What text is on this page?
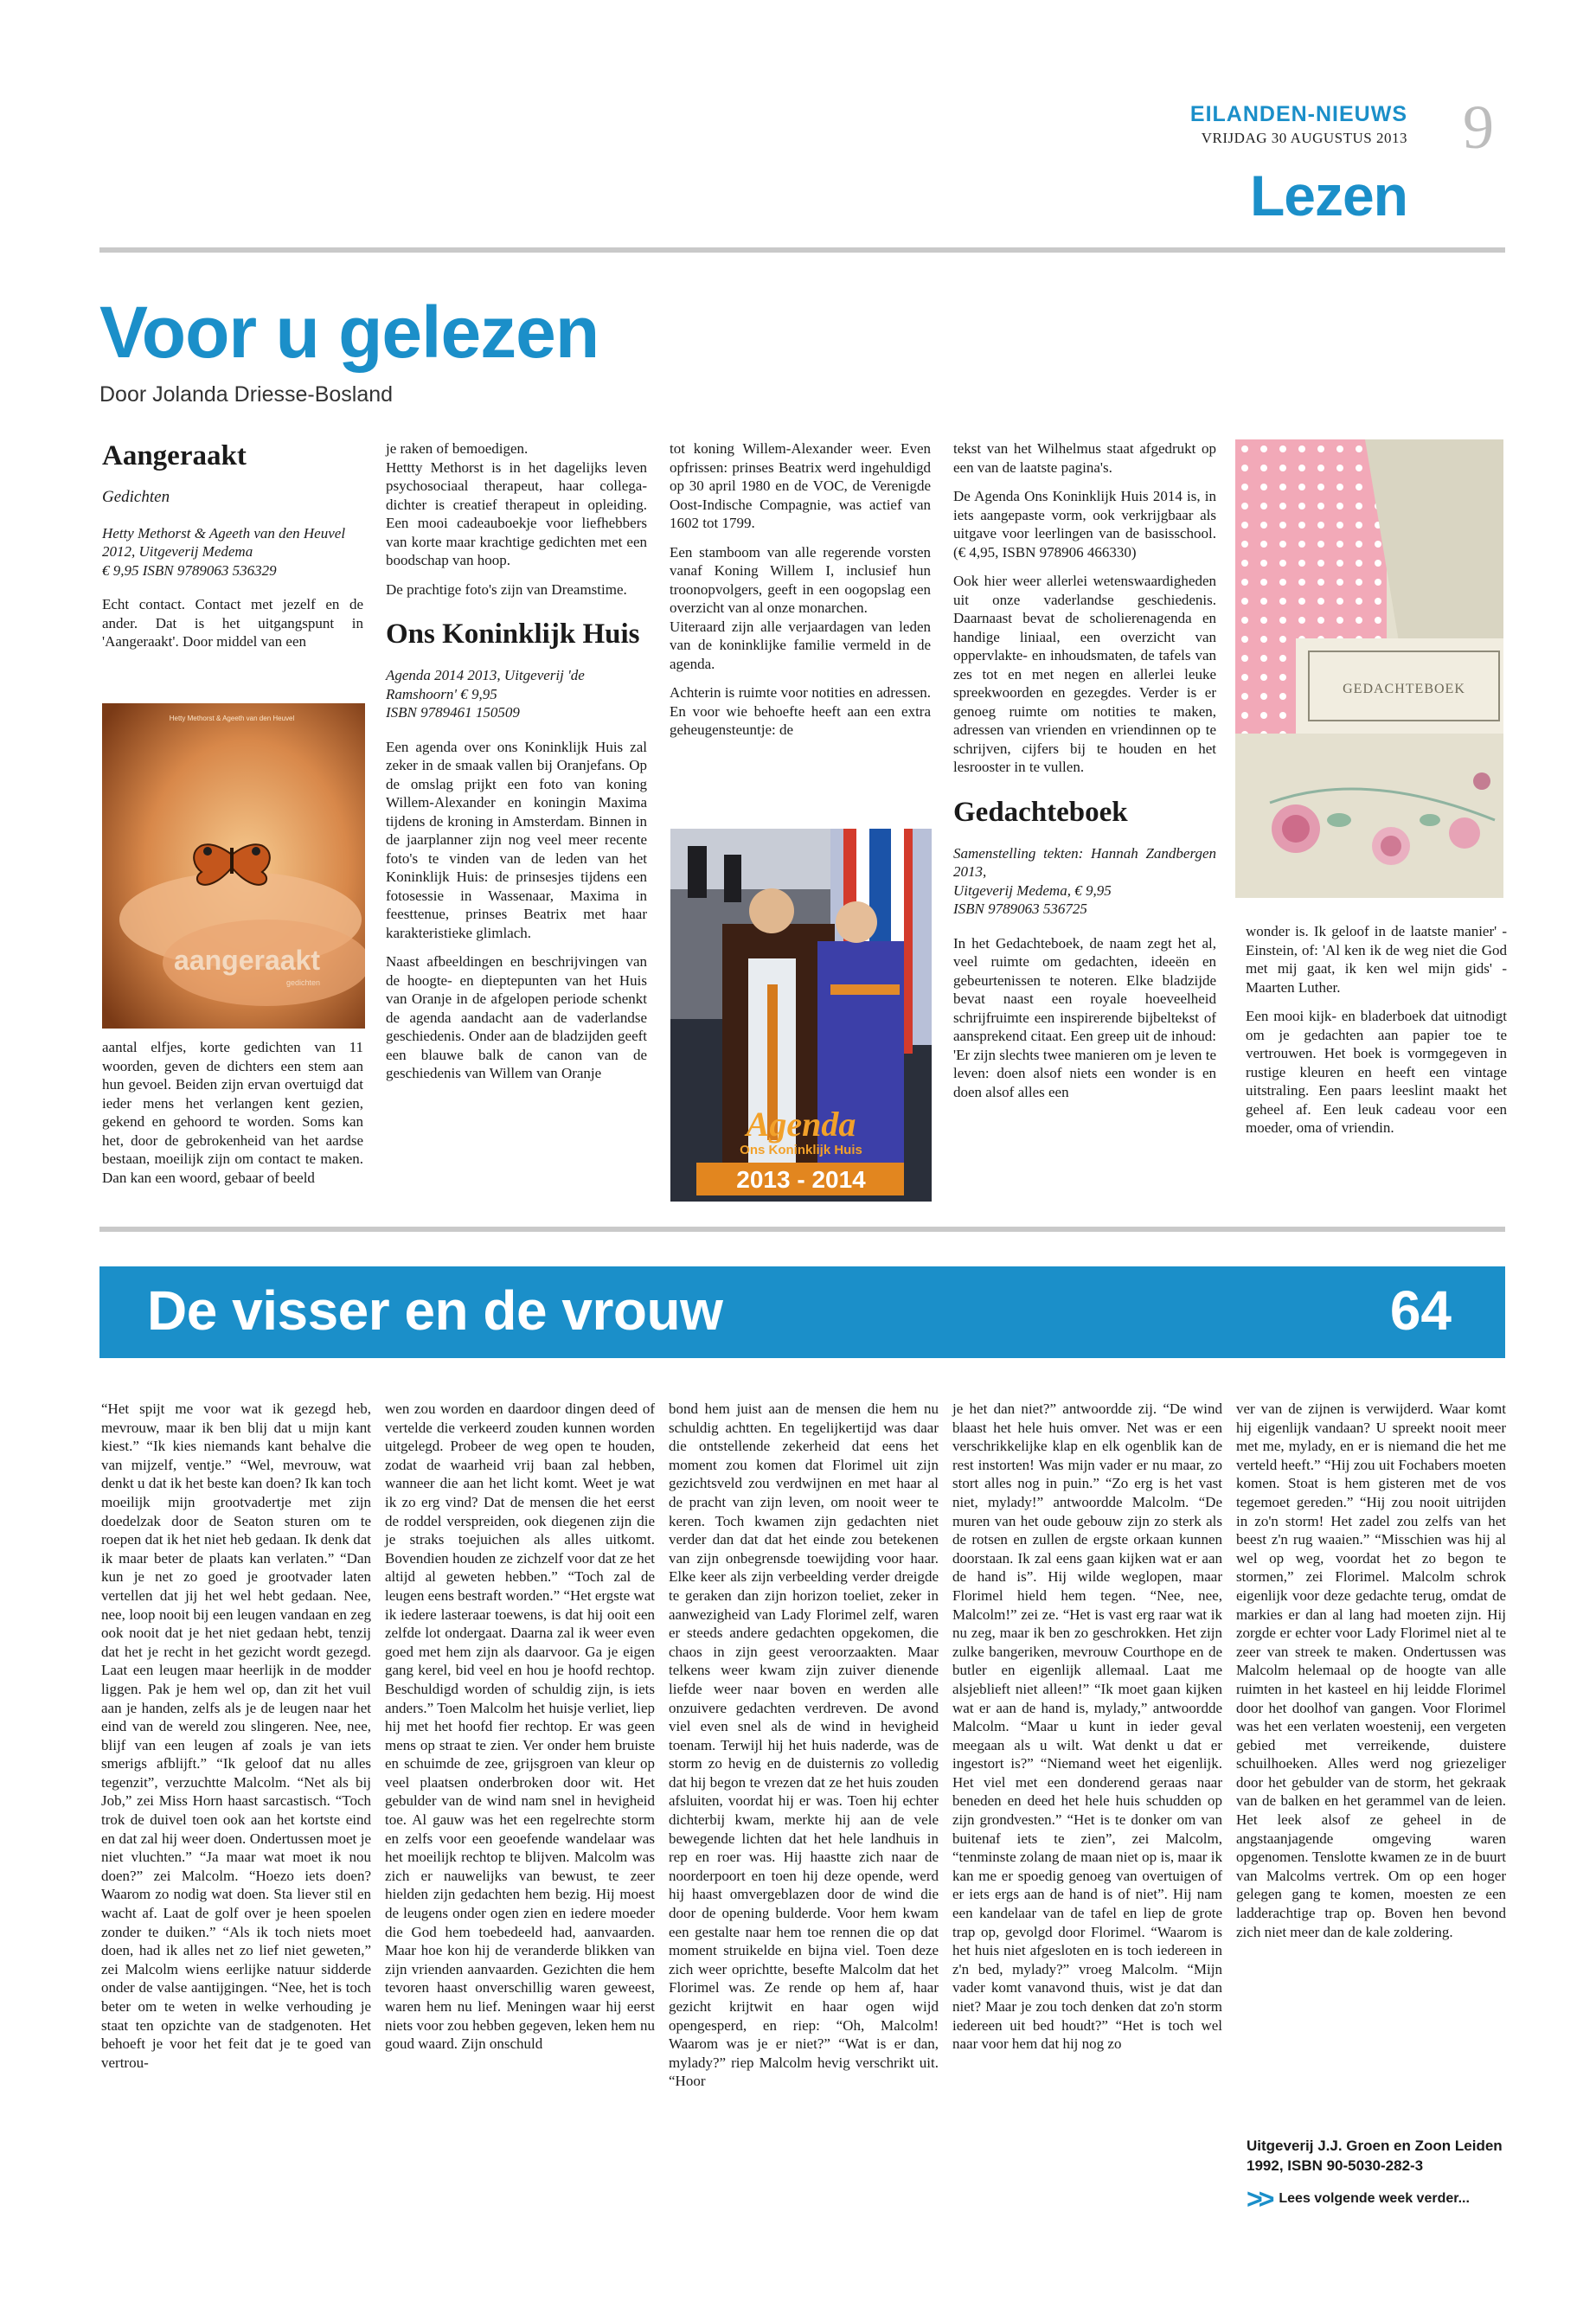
EILANDEN-NIEUWS
VRIJDAG 30 AUGUSTUS 2013 9
Lezen
Voor u gelezen
Door Jolanda Driesse-Bosland
Aangeraakt

Gedichten

Hetty Methorst & Ageeth van den Heuvel
2012, Uitgeverij Medema
€ 9,95 ISBN 9789063 536329

Echt contact. Contact met jezelf en de ander. Dat is het uitgangspunt in 'Aangeraakt'. Door middel van een

Hetty Methorst & Ageeth van den Heuvel
aangeraakt
gedichten

aantal elfjes, korte gedichten van 11 woorden, geven de dichters een stem aan hun gevoel. Beiden zijn ervan overtuigd dat ieder mens het verlangen kent gezien, gekend en gehoord te worden. Soms kan het, door de gebrokenheid van het aardse bestaan, moeilijk zijn om contact te maken. Dan kan een woord, gebaar of beeld

je raken of bemoedigen.
Hettty Methorst is in het dagelijks leven psychosociaal therapeut, haar collega-dichter is creatief therapeut in opleiding. Een mooi cadeauboekje voor liefhebbers van korte maar krachtige gedichten met een boodschap van hoop.

De prachtige foto's zijn van Dreamstime.

Ons Koninklijk Huis

Agenda 2014 2013, Uitgeverij 'de Ramshoorn' € 9,95
ISBN 9789461 150509

Een agenda over ons Koninklijk Huis zal zeker in de smaak vallen bij Oranjefans. Op de omslag prijkt een foto van koning Willem-Alexander en koningin Maxima tijdens de kroning in Amsterdam. Binnen in de jaarplanner zijn nog veel meer recente foto's te vinden van de leden van het Koninklijk Huis: de prinsesjes tijdens een fotosessie in Wassenaar, Maxima in feesttenue, prinses Beatrix met haar karakteristieke glimlach.

Naast afbeeldingen en beschrijvingen van de hoogte- en dieptepunten van het Huis van Oranje in de afgelopen periode schenkt de agenda aandacht aan de vaderlandse geschiedenis. Onder aan de bladzijden geeft een blauwe balk de canon van de geschiedenis van Willem van Oranje

tot koning Willem-Alexander weer. Even opfrissen: prinses Beatrix werd ingehuldigd op 30 april 1980 en de VOC, de Verenigde Oost-Indische Compagnie, was actief van 1602 tot 1799.

Een stamboom van alle regerende vorsten vanaf Koning Willem I, inclusief hun troonopvolgers, geeft in een oogopslag een overzicht van al onze monarchen.
Uiteraard zijn alle verjaardagen van leden van de koninklijke familie vermeld in de agenda.

Achterin is ruimte voor notities en adressen. En voor wie behoefte heeft aan een extra geheugensteuntje: de

Agenda
Ons Koninklijk Huis
2013 - 2014

tekst van het Wilhelmus staat afgedrukt op een van de laatste pagina's.

De Agenda Ons Koninklijk Huis 2014 is, in iets aangepaste vorm, ook verkrijgbaar als uitgave voor leerlingen van de basisschool. (€ 4,95, ISBN 978906 466330)

Ook hier weer allerlei wetenswaardigheden uit onze vaderlandse geschiedenis. Daarnaast bevat de scholierenagenda en handige liniaal, een overzicht van oppervlakte- en inhoudsmaten, de tafels van zes tot en met negen en allerlei leuke spreekwoorden en gezegdes. Verder is er genoeg ruimte om notities te maken, adressen van vrienden en vriendinnen op te schrijven, cijfers bij te houden en het lesrooster in te vullen.

Gedachteboek

Samenstelling tekten: Hannah Zandbergen 2013,
Uitgeverij Medema, € 9,95
ISBN 9789063 536725

In het Gedachteboek, de naam zegt het al, veel ruimte om gedachten, ideeën en gebeurtenissen te noteren. Elke bladzijde bevat naast een royale hoeveelheid schrijfruimte een inspirerende bijbeltekst of aansprekend citaat. Een greep uit de inhoud: 'Er zijn slechts twee manieren om je leven te leven: doen alsof niets een wonder is en doen alsof alles een

GEDACHTEBOEK

wonder is. Ik geloof in de laatste manier' - Einstein, of: 'Al ken ik de weg niet die God met mij gaat, ik ken wel mijn gids' - Maarten Luther.

Een mooi kijk- en bladerboek dat uitnodigt om je gedachten aan papier toe te vertrouwen. Het boek is vormgegeven in rustige kleuren en heeft een vintage uitstraling. Een paars leeslint maakt het geheel af. Een leuk cadeau voor een moeder, oma of vriendin.

De visser en de vrouw	64
“Het spijt me voor wat ik gezegd heb, mevrouw, maar ik ben blij dat u mijn kant kiest.” “Ik kies niemands kant behalve die van mijzelf, ventje.” “Wel, mevrouw, wat denkt u dat ik het beste kan doen? Ik kan toch moeilijk mijn grootvadertje met zijn doedelzak door de Seaton sturen om te roepen dat ik het niet heb gedaan. Ik denk dat ik maar beter de plaats kan verlaten.” “Dan kun je net zo goed je grootvader laten vertellen dat jij het wel hebt gedaan. Nee, nee, loop nooit bij een leugen vandaan en zeg ook nooit dat je het niet gedaan hebt, tenzij dat het je recht in het gezicht wordt gezegd. Laat een leugen maar heerlijk in de modder liggen. Pak je hem wel op, dan zit het vuil aan je handen, zelfs als je de leugen naar het eind van de wereld zou slingeren. Nee, nee, blijf van een leugen af zoals je van iets smerigs afblijft.” “Ik geloof dat nu alles tegenzit”, verzuchtte Malcolm. “Net als bij Job,” zei Miss Horn haast sarcastisch. “Toch trok de duivel toen ook aan het kortste eind en dat zal hij weer doen. Ondertussen moet je niet vluchten.” “Ja maar wat moet ik nou doen?” zei Malcolm. “Hoezo iets doen? Waarom zo nodig wat doen. Sta liever stil en wacht af. Laat de golf over je heen spoelen zonder te duiken.” “Als ik toch niets moet doen, had ik alles net zo lief niet geweten,” zei Malcolm wiens eerlijke natuur sidderde onder de valse aantijgingen. “Nee, het is toch beter om te weten in welke verhouding je staat ten opzichte van de stadgenoten. Het behoeft je voor het feit dat je te goed van vertrou-
wen zou worden en daardoor dingen deed of vertelde die verkeerd zouden kunnen worden uitgelegd. Probeer de weg open te houden, zodat de waarheid vrij baan zal hebben, wanneer die aan het licht komt. Weet je wat ik zo erg vind? Dat de mensen die het eerst de roddel verspreiden, ook diegenen zijn die je straks toejuichen als alles uitkomt. Bovendien houden ze zichzelf voor dat ze het altijd al geweten hebben.” “Toch zal de leugen eens bestraft worden.” “Het ergste wat ik iedere lasteraar toewens, is dat hij ooit een zelfde lot ondergaat. Daarna zal ik weer even goed met hem zijn als daarvoor. Ga je eigen gang kerel, bid veel en hou je hoofd rechtop. Beschuldigd worden of schuldig zijn, is iets anders.” Toen Malcolm het huisje verliet, liep hij met het hoofd fier rechtop. Er was geen mens op straat te zien. Ver onder hem bruiste en schuimde de zee, grijsgroen van kleur op veel plaatsen onderbroken door wit. Het gebulder van de wind nam snel in hevigheid toe. Al gauw was het een regelrechte storm en zelfs voor een geoefende wandelaar was het moeilijk rechtop te blijven. Malcolm was zich er nauwelijks van bewust, te zeer hielden zijn gedachten hem bezig. Hij moest de leugens onder ogen zien en iedere moeder die God hem toebedeeld had, aanvaarden. Maar hoe kon hij de veranderde blikken van zijn vrienden aanvaarden. Gezichten die hem tevoren haast onverschillig waren geweest, waren hem nu lief. Meningen waar hij eerst niets voor zou hebben gegeven, leken hem nu goud waard. Zijn onschuld
bond hem juist aan de mensen die hem nu schuldig achtten. En tegelijkertijd was daar die ontstellende zekerheid dat eens het moment zou komen dat Florimel uit zijn gezichtsveld zou verdwijnen en met haar al de pracht van zijn leven, om nooit weer te keren. Toch kwamen zijn gedachten niet verder dan dat dat het einde zou betekenen van zijn onbegrensde toewijding voor haar. Elke keer als zijn verbeelding verder dreigde te geraken dan zijn horizon toeliet, zeker in aanwezigheid van Lady Florimel zelf, waren er steeds andere gedachten opgekomen, die chaos in zijn geest veroorzaakten. Maar telkens weer kwam zijn zuiver dienende liefde weer naar boven en werden alle onzuivere gedachten verdreven. De avond viel even snel als de wind in hevigheid toenam. Terwijl hij het huis naderde, was de storm zo hevig en de duisternis zo volledig dat hij begon te vrezen dat ze het huis zouden afsluiten, voordat hij er was. Toen hij echter dichterbij kwam, merkte hij aan de vele bewegende lichten dat het hele landhuis in rep en roer was. Hij haastte zich naar de noorderpoort en toen hij deze opende, werd hij haast omvergeblazen door de wind die door de opening bulderde. Voor hem kwam een gestalte naar hem toe rennen die op dat moment struikelde en bijna viel. Toen deze zich weer oprichtte, besefte Malcolm dat het Florimel was. Ze rende op hem af, haar gezicht krijtwit en haar ogen wijd opengesperd, en riep: “Oh, Malcolm! Waarom was je er niet?” “Wat is er dan, mylady?” riep Malcolm hevig verschrikt uit. “Hoor
je het dan niet?” antwoordde zij. “De wind blaast het hele huis omver. Net was er een verschrikkelijke klap en elk ogenblik kan de rest instorten! Was mijn vader er nu maar, zo stort alles nog in puin.” “Zo erg is het vast niet, mylady!” antwoordde Malcolm. “De muren van het oude gebouw zijn zo sterk als de rotsen en zullen de ergste orkaan kunnen doorstaan. Ik zal eens gaan kijken wat er aan de hand is”. Hij wilde weglopen, maar Florimel hield hem tegen. “Nee, nee, Malcolm!” zei ze. “Het is vast erg raar wat ik nu zeg, maar ik ben zo geschrokken. Het zijn zulke bangeriken, mevrouw Courthope en de butler en eigenlijk allemaal. Laat me alsjeblieft niet alleen!” “Ik moet gaan kijken wat er aan de hand is, mylady,” antwoordde Malcolm. “Maar u kunt in ieder geval meegaan als u wilt. Wat denkt u dat er ingestort is?” “Niemand weet het eigenlijk. Het viel met een donderend geraas naar beneden en deed het hele huis schudden op zijn grondvesten.” “Het is te donker om van buitenaf iets te zien”, zei Malcolm, “tenminste zolang de maan niet op is, maar ik kan me er spoedig genoeg van overtuigen of er iets ergs aan de hand is of niet”. Hij nam een kandelaar van de tafel en liep de grote trap op, gevolgd door Florimel. “Waarom is het huis niet afgesloten en is toch iedereen in z'n bed, mylady?” vroeg Malcolm. “Mijn vader komt vanavond thuis, wist je dat dan niet? Maar je zou toch denken dat zo'n storm iedereen uit bed houdt?” “Het is toch wel naar voor hem dat hij nog zo
ver van de zijnen is verwijderd. Waar komt hij eigenlijk vandaan? U spreekt nooit meer met me, mylady, en er is niemand die het me verteld heeft.” “Hij zou uit Fochabers moeten komen. Stoat is hem gisteren met de vos tegemoet gereden.” “Hij zou nooit uitrijden in zo'n storm! Het zadel zou zelfs van het beest z'n rug waaien.” “Misschien was hij al wel op weg, voordat het zo begon te stormen,” zei Florimel. Malcolm schrok eigenlijk voor deze gedachte terug, omdat de markies er dan al lang had moeten zijn. Hij zorgde er echter voor Lady Florimel niet al te zeer van streek te maken. Ondertussen was Malcolm helemaal op de hoogte van alle ruimten in het kasteel en hij leidde Florimel door het doolhof van gangen. Voor Florimel was het een verlaten woestenij, een vergeten gebied met verreikende, duistere schuilhoeken. Alles werd nog griezeliger door het gebulder van de storm, het gekraak van de balken en het gerammel van de leien. Het leek alsof ze geheel in de angstaanjagende omgeving waren opgenomen. Tenslotte kwamen ze in de buurt van Malcolms vertrek. Om op een hoger gelegen gang te komen, moesten ze een ladderachtige trap op. Boven hen bevond zich niet meer dan de kale zoldering.
Uitgeverij J.J. Groen en Zoon Leiden
1992, ISBN 90-5030-282-3
>> Lees volgende week verder...
